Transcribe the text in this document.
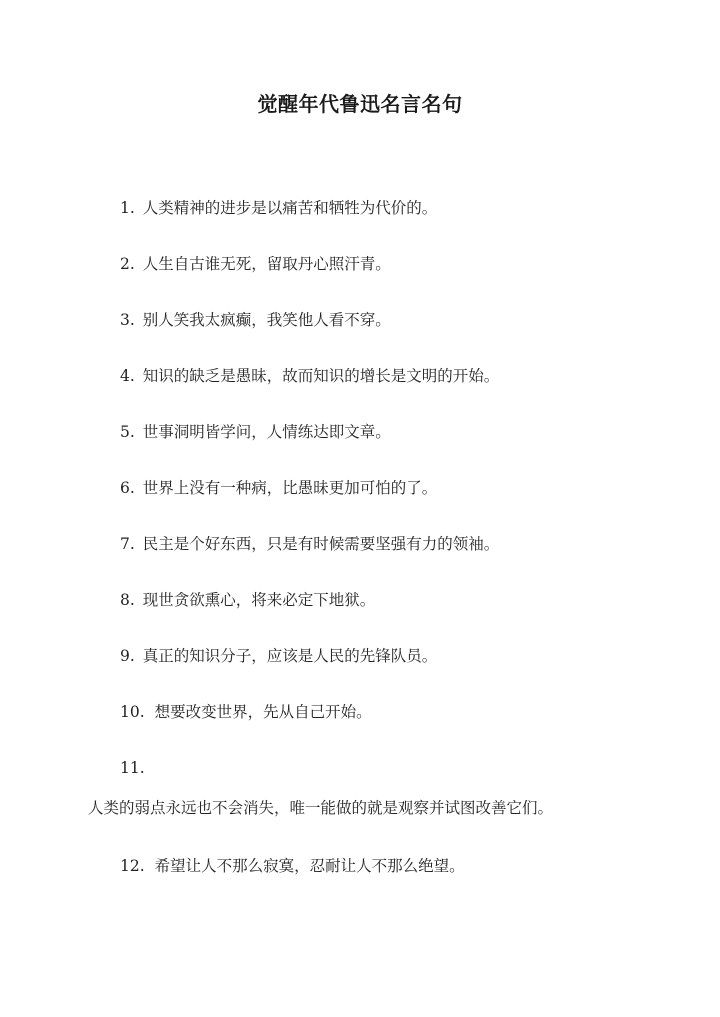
觉醒年代鲁迅名言名句
1. 人类精神的进步是以痛苦和牺牲为代价的。
2. 人生自古谁无死，留取丹心照汗青。
3. 别人笑我太疯癫，我笑他人看不穿。
4. 知识的缺乏是愚昧，故而知识的增长是文明的开始。
5. 世事洞明皆学问，人情练达即文章。
6. 世界上没有一种病，比愚昧更加可怕的了。
7. 民主是个好东西，只是有时候需要坚强有力的领袖。
8. 现世贪欲熏心，将来必定下地狱。
9. 真正的知识分子，应该是人民的先锋队员。
10. 想要改变世界，先从自己开始。
11.
人类的弱点永远也不会消失，唯一能做的就是观察并试图改善它们。
12. 希望让人不那么寂寞，忍耐让人不那么绝望。
